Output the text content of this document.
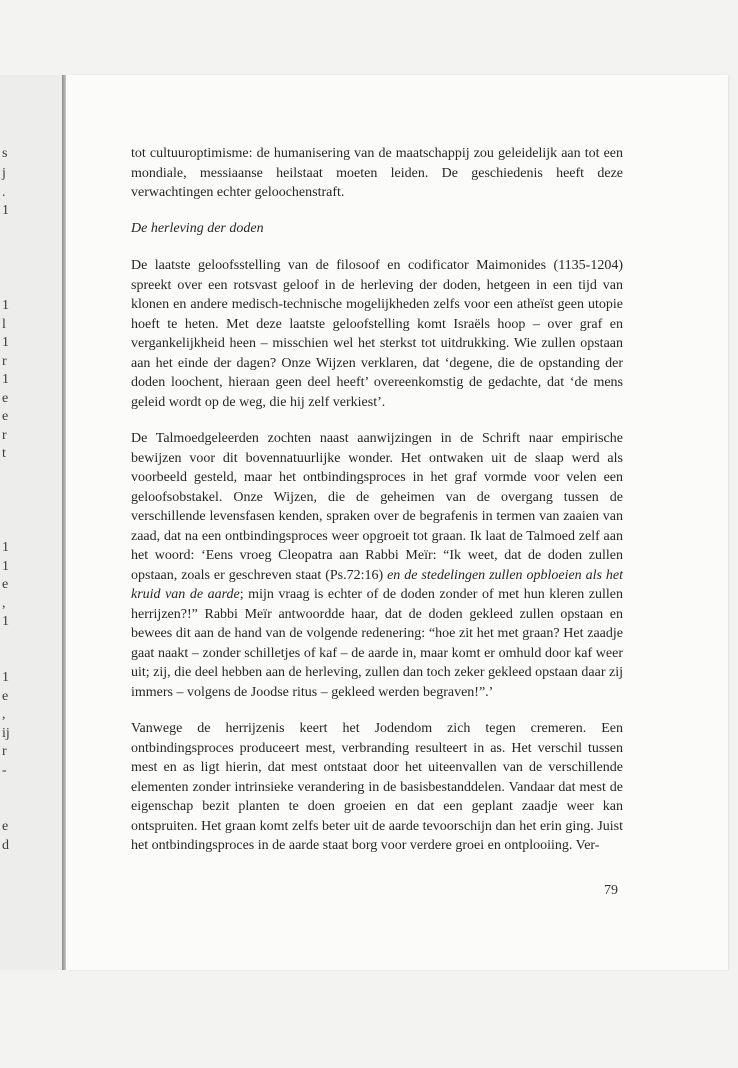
s
j
.
1
1
l
1
r
1
e
e
r
t
1
1
e
,
1
1
e
,
ij
r
-
e
d

tot cultuuroptimisme: de humanisering van de maatschappij zou geleidelijk aan tot een mondiale, messiaanse heilstaat moeten leiden. De geschiedenis heeft deze verwachtingen echter geloochenstraft.

De herleving der doden

De laatste geloofsstelling van de filosoof en codificator Maimonides (1135-1204) spreekt over een rotsvast geloof in de herleving der doden, hetgeen in een tijd van klonen en andere medisch-technische mogelijkheden zelfs voor een atheïst geen utopie hoeft te heten. Met deze laatste geloofstelling komt Israëls hoop – over graf en vergankelijkheid heen – misschien wel het sterkst tot uitdrukking. Wie zullen opstaan aan het einde der dagen? Onze Wijzen verklaren, dat ‘degene, die de opstanding der doden loochent, hieraan geen deel heeft’ overeenkomstig de gedachte, dat ‘de mens geleid wordt op de weg, die hij zelf verkiest’.

De Talmoedgeleerden zochten naast aanwijzingen in de Schrift naar empirische bewijzen voor dit bovennatuurlijke wonder. Het ontwaken uit de slaap werd als voorbeeld gesteld, maar het ontbindingsproces in het graf vormde voor velen een geloofsobstakel. Onze Wijzen, die de geheimen van de overgang tussen de verschillende levensfasen kenden, spraken over de begrafenis in termen van zaaien van zaad, dat na een ontbindingsproces weer opgroeit tot graan. Ik laat de Talmoed zelf aan het woord: ‘Eens vroeg Cleopatra aan Rabbi Meïr: “Ik weet, dat de doden zullen opstaan, zoals er geschreven staat (Ps.72:16) en de stedelingen zullen opbloeien als het kruid van de aarde; mijn vraag is echter of de doden zonder of met hun kleren zullen herrijzen?!” Rabbi Meïr antwoordde haar, dat de doden gekleed zullen opstaan en bewees dit aan de hand van de volgende redenering: “hoe zit het met graan? Het zaadje gaat naakt – zonder schilletjes of kaf – de aarde in, maar komt er omhuld door kaf weer uit; zij, die deel hebben aan de herleving, zullen dan toch zeker gekleed opstaan daar zij immers – volgens de Joodse ritus – gekleed werden begraven!”.’

Vanwege de herrijzenis keert het Jodendom zich tegen cremeren. Een ontbindingsproces produceert mest, verbranding resulteert in as. Het verschil tussen mest en as ligt hierin, dat mest ontstaat door het uiteenvallen van de verschillende elementen zonder intrinsieke verandering in de basisbestanddelen. Vandaar dat mest de eigenschap bezit planten te doen groeien en dat een geplant zaadje weer kan ontspruiten. Het graan komt zelfs beter uit de aarde tevoorschijn dan het erin ging. Juist het ontbindingsproces in de aarde staat borg voor verdere groei en ontplooiing. Ver-

79
